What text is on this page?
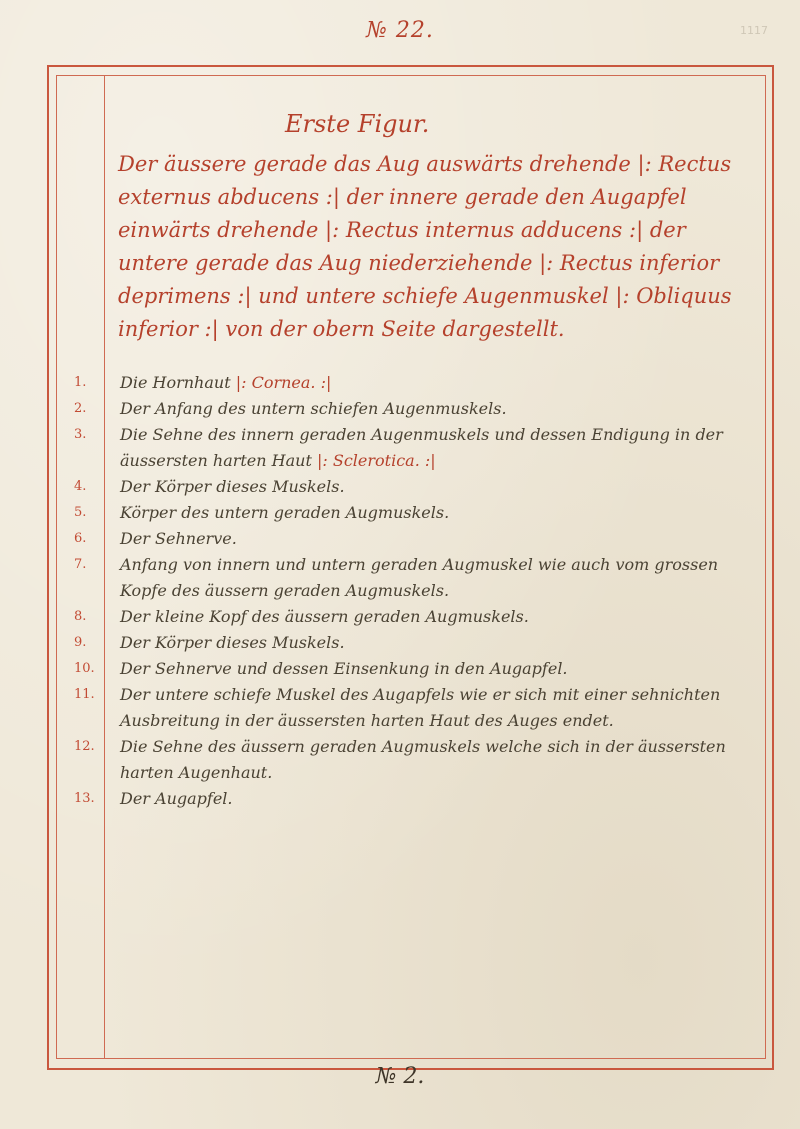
1117
№ 22.
Erste Figur.
Der äussere gerade das Aug auswärts drehende |: Rectus externus abducens :| der innere gerade den Augapfel einwärts drehende |: Rectus internus adducens :| der untere gerade das Aug niederziehende |: Rectus inferior deprimens :| und untere schiefe Augenmuskel |: Obliquus inferior :| von der obern Seite dargestellt.
1.	Die Hornhaut |: Cornea. :|
2.	Der Anfang des untern schiefen Augenmuskels.
3.	Die Sehne des innern geraden Augenmuskels und dessen Endigung in der äussersten harten Haut |: Sclerotica. :|
4.	Der Körper dieses Muskels.
5.	Körper des untern geraden Augmuskels.
6.	Der Sehnerve.
7.	Anfang von innern und untern geraden Augmuskel wie auch vom grossen Kopfe des äussern geraden Augmuskels.
8.	Der kleine Kopf des äussern geraden Augmuskels.
9.	Der Körper dieses Muskels.
10.	Der Sehnerve und dessen Einsenkung in den Augapfel.
11.	Der untere schiefe Muskel des Augapfels wie er sich mit einer sehnichten Ausbreitung in der äussersten harten Haut des Auges endet.
12.	Die Sehne des äussern geraden Augmuskels welche sich in der äussersten harten Augenhaut.
13.	Der Augapfel.
№ 2.
